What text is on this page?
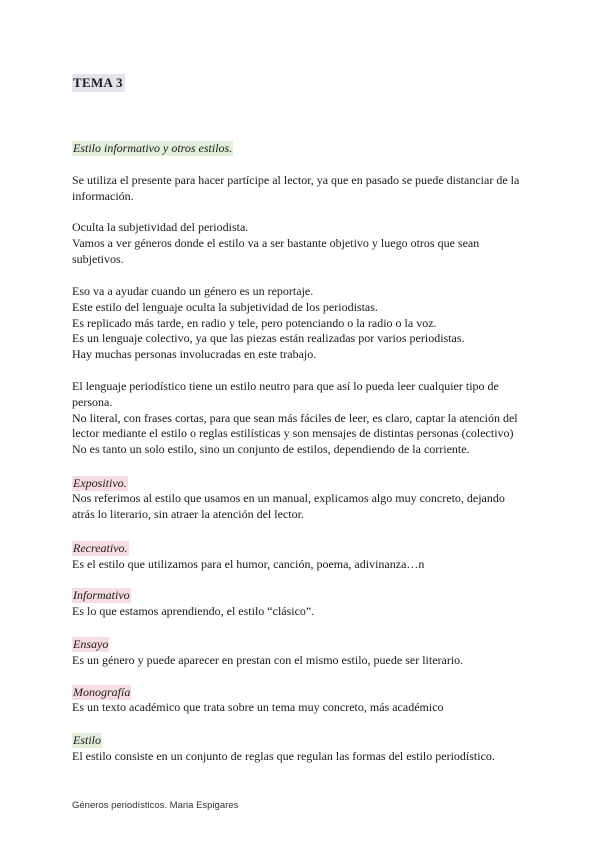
TEMA 3
Estilo informativo y otros estilos.

Se utiliza el presente para hacer partícipe al lector, ya que en pasado se puede distanciar de la

información.

Oculta la subjetividad del periodista.

Vamos a ver géneros donde el estilo va a ser bastante objetivo y luego otros que sean

subjetivos.

Eso va a ayudar cuando un género es un reportaje.

Este estilo del lenguaje oculta la subjetividad de los periodistas.

Es replicado más tarde, en radio y tele, pero potenciando o la radio o la voz.

Es un lenguaje colectivo, ya que las piezas están realizadas por varios periodistas.

Hay muchas personas involucradas en este trabajo.

El lenguaje periodístico tiene un estilo neutro para que así lo pueda leer cualquier tipo de

persona.

No literal, con frases cortas, para que sean más fáciles de leer, es claro, captar la atención del

lector mediante el estilo o reglas estilísticas y son mensajes de distintas personas (colectivo)

No es tanto un solo estilo, sino un conjunto de estilos, dependiendo de la corriente.

Expositivo.

Nos referimos al estilo que usamos en un manual, explicamos algo muy concreto, dejando

atrás lo literario, sin atraer la atención del lector.

Recreativo.

Es el estilo que utilizamos para el humor, canción, poema, adivinanza…n

Informativo

Es lo que estamos aprendiendo, el estilo “clásico”.

Ensayo

Es un género y puede aparecer en prestan con el mismo estilo, puede ser literario.

Monografía

Es un texto académico que trata sobre un tema muy concreto, más académico

Estilo

El estilo consiste en un conjunto de reglas que regulan las formas del estilo periodístico.

Géneros periodísticos. Maria Espigares
